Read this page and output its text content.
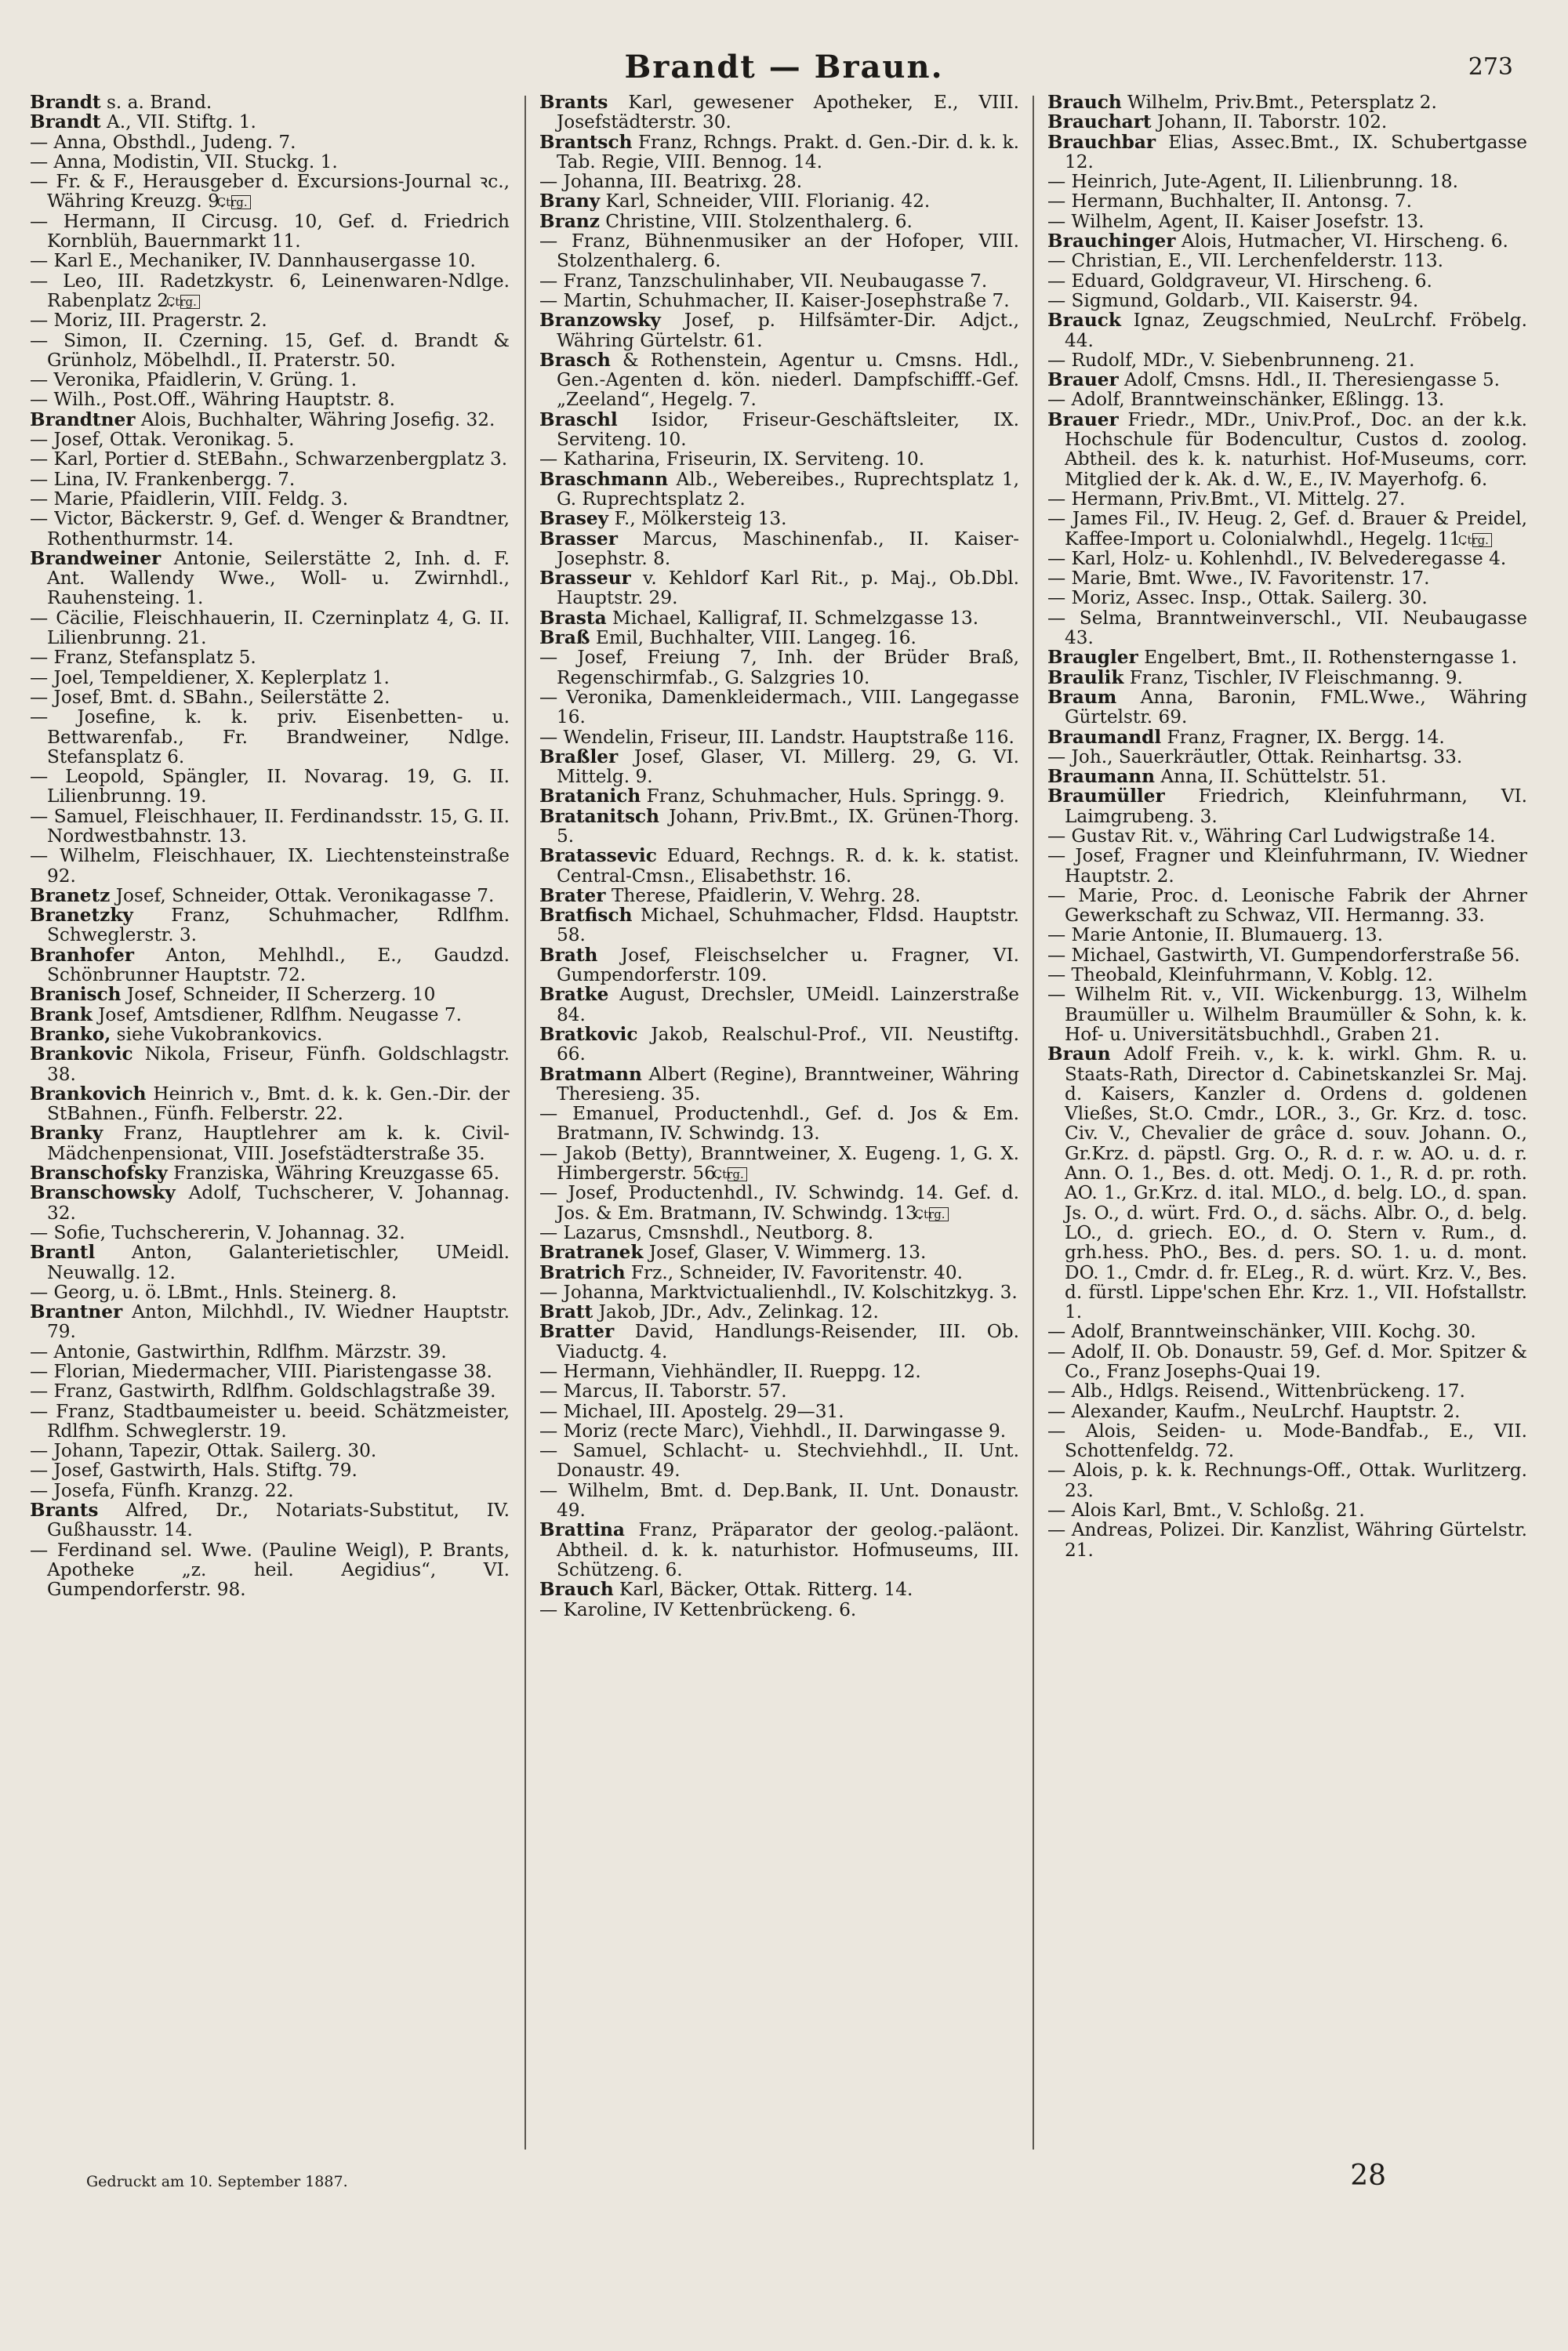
Brandt — Braun.	273

Brandt s. a. Brand.

Brandt A., VII. Stiftg. 1.

— Anna, Obsthdl., Judeng. 7.

— Anna, Modistin, VII. Stuckg. 1.

— Fr. & F., Herausgeber d. Excursions-Journal ꝛc., Währing Kreuzg. 9. Ctrg.

— Hermann, II Circusg. 10, Gef. d. Friedrich Kornblüh, Bauernmarkt 11.

— Karl E., Mechaniker, IV. Dannhausergasse 10.

— Leo, III. Radetzkystr. 6, Leinenwaren-Ndlge. Rabenplatz 2. Ctrg.

— Moriz, III. Pragerstr. 2.

— Simon, II. Czerning. 15, Gef. d. Brandt & Grünholz, Möbelhdl., II. Praterstr. 50.

— Veronika, Pfaidlerin, V. Grüng. 1.

— Wilh., Post.Off., Währing Hauptstr. 8.

Brandtner Alois, Buchhalter, Währing Josefig. 32.

— Josef, Ottak. Veronikag. 5.

— Karl, Portier d. StEBahn., Schwarzenbergplatz 3.

— Lina, IV. Frankenbergg. 7.

— Marie, Pfaidlerin, VIII. Feldg. 3.

— Victor, Bäckerstr. 9, Gef. d. Wenger & Brandtner, Rothenthurmstr. 14.

Brandweiner Antonie, Seilerstätte 2, Inh. d. F. Ant. Wallendy Wwe., Woll- u. Zwirnhdl., Rauhensteing. 1.

— Cäcilie, Fleischhauerin, II. Czerninplatz 4, G. II. Lilienbrunng. 21.

— Franz, Stefansplatz 5.

— Joel, Tempeldiener, X. Keplerplatz 1.

— Josef, Bmt. d. SBahn., Seilerstätte 2.

— Josefine, k. k. priv. Eisenbetten- u. Bettwarenfab., Fr. Brandweiner, Ndlge. Stefansplatz 6.

— Leopold, Spängler, II. Novarag. 19, G. II. Lilienbrunng. 19.

— Samuel, Fleischhauer, II. Ferdinandsstr. 15, G. II. Nordwestbahnstr. 13.

— Wilhelm, Fleischhauer, IX. Liechtensteinstraße 92.

Branetz Josef, Schneider, Ottak. Veronikagasse 7.

Branetzky Franz, Schuhmacher, Rdlfhm. Schweglerstr. 3.

Branhofer Anton, Mehlhdl., E., Gaudzd. Schönbrunner Hauptstr. 72.

Branisch Josef, Schneider, II Scherzerg. 10

Brank Josef, Amtsdiener, Rdlfhm. Neugasse 7.

Branko, siehe Vukobrankovics.

Brankovic Nikola, Friseur, Fünfh. Goldschlagstr. 38.

Brankovich Heinrich v., Bmt. d. k. k. Gen.-Dir. der StBahnen., Fünfh. Felberstr. 22.

Branky Franz, Hauptlehrer am k. k. Civil-Mädchenpensionat, VIII. Josefstädterstraße 35.

Branschofsky Franziska, Währing Kreuzgasse 65.

Branschowsky Adolf, Tuchscherer, V. Johannag. 32.

— Sofie, Tuchschererin, V. Johannag. 32.

Brantl Anton, Galanterietischler, UMeidl. Neuwallg. 12.

— Georg, u. ö. LBmt., Hnls. Steinerg. 8.

Brantner Anton, Milchhdl., IV. Wiedner Hauptstr. 79.

— Antonie, Gastwirthin, Rdlfhm. Märzstr. 39.

— Florian, Miedermacher, VIII. Piaristengasse 38.

— Franz, Gastwirth, Rdlfhm. Goldschlagstraße 39.

— Franz, Stadtbaumeister u. beeid. Schätzmeister, Rdlfhm. Schweglerstr. 19.

— Johann, Tapezir, Ottak. Sailerg. 30.

— Josef, Gastwirth, Hals. Stiftg. 79.

— Josefa, Fünfh. Kranzg. 22.

Brants Alfred, Dr., Notariats-Substitut, IV. Gußhausstr. 14.

— Ferdinand sel. Wwe. (Pauline Weigl), P. Brants, Apotheke „z. heil. Aegidius“, VI. Gumpendorferstr. 98.

Brants Karl, gewesener Apotheker, E., VIII. Josefstädterstr. 30.

Brantsch Franz, Rchngs. Prakt. d. Gen.-Dir. d. k. k. Tab. Regie, VIII. Bennog. 14.

— Johanna, III. Beatrixg. 28.

Brany Karl, Schneider, VIII. Florianig. 42.

Branz Christine, VIII. Stolzenthalerg. 6.

— Franz, Bühnenmusiker an der Hofoper, VIII. Stolzenthalerg. 6.

— Franz, Tanzschulinhaber, VII. Neubaugasse 7.

— Martin, Schuhmacher, II. Kaiser-Josephstraße 7.

Branzowsky Josef, p. Hilfsämter-Dir. Adjct., Währing Gürtelstr. 61.

Brasch & Rothenstein, Agentur u. Cmsns. Hdl., Gen.-Agenten d. kön. niederl. Dampfschifff.-Gef. „Zeeland“, Hegelg. 7.

Braschl Isidor, Friseur-Geschäftsleiter, IX. Servitеng. 10.

— Katharina, Friseurin, IX. Serviteng. 10.

Braschmann Alb., Webereibes., Ruprechtsplatz 1, G. Ruprechtsplatz 2.

Brasey F., Mölkersteig 13.

Brasser Marcus, Maschinenfab., II. Kaiser-Josephstr. 8.

Brasseur v. Kehldorf Karl Rit., p. Maj., Ob.Dbl. Hauptstr. 29.

Brasta Michael, Kalligraf, II. Schmelzgasse 13.

Braß Emil, Buchhalter, VIII. Langeg. 16.

— Josef, Freiung 7, Inh. der Brüder Braß, Regenschirmfab., G. Salzgries 10.

— Veronika, Damenkleidermach., VIII. Langegasse 16.

— Wendelin, Friseur, III. Landstr. Hauptstraße 116.

Braßler Josef, Glaser, VI. Millerg. 29, G. VI. Mittelg. 9.

Bratanich Franz, Schuhmacher, Huls. Springg. 9.

Bratanitsch Johann, Priv.Bmt., IX. Grünen-Thorg. 5.

Bratassevic Eduard, Rechngs. R. d. k. k. statist. Central-Cmsn., Elisabethstr. 16.

Brater Therese, Pfaidlerin, V. Wehrg. 28.

Bratfisch Michael, Schuhmacher, Fldsd. Hauptstr. 58.

Brath Josef, Fleischselcher u. Fragner, VI. Gumpendorferstr. 109.

Bratke August, Drechsler, UMeidl. Lainzerstraße 84.

Bratkovic Jakob, Realschul-Prof., VII. Neustiftg. 66.

Bratmann Albert (Regine), Branntweiner, Währing Theresieng. 35.

— Emanuel, Productenhdl., Gef. d. Jos & Em. Bratmann, IV. Schwindg. 13.

— Jakob (Betty), Branntweiner, X. Eugeng. 1, G. X. Himbergerstr. 56. Ctrg.

— Josef, Productenhdl., IV. Schwindg. 14. Gef. d. Jos. & Em. Bratmann, IV. Schwindg. 13. Ctrg.

— Lazarus, Cmsnshdl., Neutborg. 8.

Bratranek Josef, Glaser, V. Wimmerg. 13.

Bratrich Frz., Schneider, IV. Favoritenstr. 40.

— Johanna, Marktvictualienhdl., IV. Kolschitzkyg. 3.

Bratt Jakob, JDr., Adv., Zelinkag. 12.

Bratter David, Handlungs-Reisender, III. Ob. Viaductg. 4.

— Hermann, Viehhändler, II. Rueppg. 12.

— Marcus, II. Taborstr. 57.

— Michael, III. Apostelg. 29—31.

— Moriz (recte Marc), Viehhdl., II. Darwingasse 9.

— Samuel, Schlacht- u. Stechviehhdl., II. Unt. Donaustr. 49.

— Wilhelm, Bmt. d. Dep.Bank, II. Unt. Donaustr. 49.

Brattina Franz, Präparator der geolog.-paläont. Abtheil. d. k. k. naturhistor. Hofmuseums, III. Schützeng. 6.

Brauch Karl, Bäcker, Ottak. Ritterg. 14.

— Karoline, IV Kettenbrückeng. 6.

Brauch Wilhelm, Priv.Bmt., Petersplatz 2.

Brauchart Johann, II. Taborstr. 102.

Brauchbar Elias, Assec.Bmt., IX. Schubertgasse 12.

— Heinrich, Jute-Agent, II. Lilienbrunng. 18.

— Hermann, Buchhalter, II. Antonsg. 7.

— Wilhelm, Agent, II. Kaiser Josefstr. 13.

Brauchinger Alois, Hutmacher, VI. Hirscheng. 6.

— Christian, E., VII. Lerchenfelderstr. 113.

— Eduard, Goldgraveur, VI. Hirscheng. 6.

— Sigmund, Goldarb., VII. Kaiserstr. 94.

Brauck Ignaz, Zeugschmied, NeuLrchf. Fröbelg. 44.

— Rudolf, MDr., V. Siebenbrunneng. 21.

Brauer Adolf, Cmsns. Hdl., II. Theresiengasse 5.

— Adolf, Branntweinschänker, Eßlingg. 13.

Brauer Friedr., MDr., Univ.Prof., Doc. an der k.k. Hochschule für Bodencultur, Custos d. zoolog. Abtheil. des k. k. naturhist. Hof-Museums, corr. Mitglied der k. Ak. d. W., E., IV. Mayerhofg. 6.

— Hermann, Priv.Bmt., VI. Mittelg. 27.

— James Fil., IV. Heug. 2, Gef. d. Brauer & Preidel, Kaffee-Import u. Colonialwhdl., Hegelg. 11. Ctrg.

— Karl, Holz- u. Kohlenhdl., IV. Belvederegasse 4.

— Marie, Bmt. Wwe., IV. Favoritenstr. 17.

— Moriz, Assec. Insp., Ottak. Sailerg. 30.

— Selma, Branntweinverschl., VII. Neubaugasse 43.

Braugler Engelbert, Bmt., II. Rothensterngasse 1.

Braulik Franz, Tischler, IV Fleischmanng. 9.

Braum Anna, Baronin, FML.Wwe., Währing Gürtelstr. 69.

Braumandl Franz, Fragner, IX. Bergg. 14.

— Joh., Sauerkräutler, Ottak. Reinhartsg. 33.

Braumann Anna, II. Schüttelstr. 51.

Braumüller Friedrich, Kleinfuhrmann, VI. Laimgrubeng. 3.

— Gustav Rit. v., Währing Carl Ludwigstraße 14.

— Josef, Fragner und Kleinfuhrmann, IV. Wiedner Hauptstr. 2.

— Marie, Proc. d. Leonische Fabrik der Ahrner Gewerkschaft zu Schwaz, VII. Hermanng. 33.

— Marie Antonie, II. Blumauerg. 13.

— Michael, Gastwirth, VI. Gumpendorferstraße 56.

— Theobald, Kleinfuhrmann, V. Koblg. 12.

— Wilhelm Rit. v., VII. Wickenburgg. 13, Wilhelm Braumüller u. Wilhelm Braumüller & Sohn, k. k. Hof- u. Universitätsbuchhdl., Graben 21.

Braun Adolf Freih. v., k. k. wirkl. Ghm. R. u. Staats-Rath, Director d. Cabinetskanzlei Sr. Maj. d. Kaisers, Kanzler d. Ordens d. goldenen Vließes, St.O. Cmdr., LOR., 3., Gr. Krz. d. tosc. Civ. V., Chevalier de grâce d. souv. Johann. O., Gr.Krz. d. päpstl. Grg. O., R. d. r. w. AO. u. d. r. Ann. O. 1., Bes. d. ott. Medj. O. 1., R. d. pr. roth. AO. 1., Gr.Krz. d. ital. MLO., d. belg. LO., d. span. Js. O., d. würt. Frd. O., d. sächs. Albr. O., d. belg. LO., d. griech. EO., d. O. Stern v. Rum., d. grh.hess. PhO., Bes. d. pers. SO. 1. u. d. mont. DO. 1., Cmdr. d. fr. ELeg., R. d. würt. Krz. V., Bes. d. fürstl. Lippe'schen Ehr. Krz. 1., VII. Hofstallstr. 1.

— Adolf, Branntweinschänker, VIII. Kochg. 30.

— Adolf, II. Ob. Donaustr. 59, Gef. d. Mor. Spitzer & Co., Franz Josephs-Quai 19.

— Alb., Hdlgs. Reisend., Wittenbrückeng. 17.

— Alexander, Kaufm., NeuLrchf. Hauptstr. 2.

— Alois, Seiden- u. Mode-Bandfab., E., VII. Schottenfeldg. 72.

— Alois, p. k. k. Rechnungs-Off., Ottak. Wurlitzerg. 23.

— Alois Karl, Bmt., V. Schloßg. 21.

— Andreas, Polizei. Dir. Kanzlist, Währing Gürtelstr. 21.

Gedruckt am 10. September 1887.	28
